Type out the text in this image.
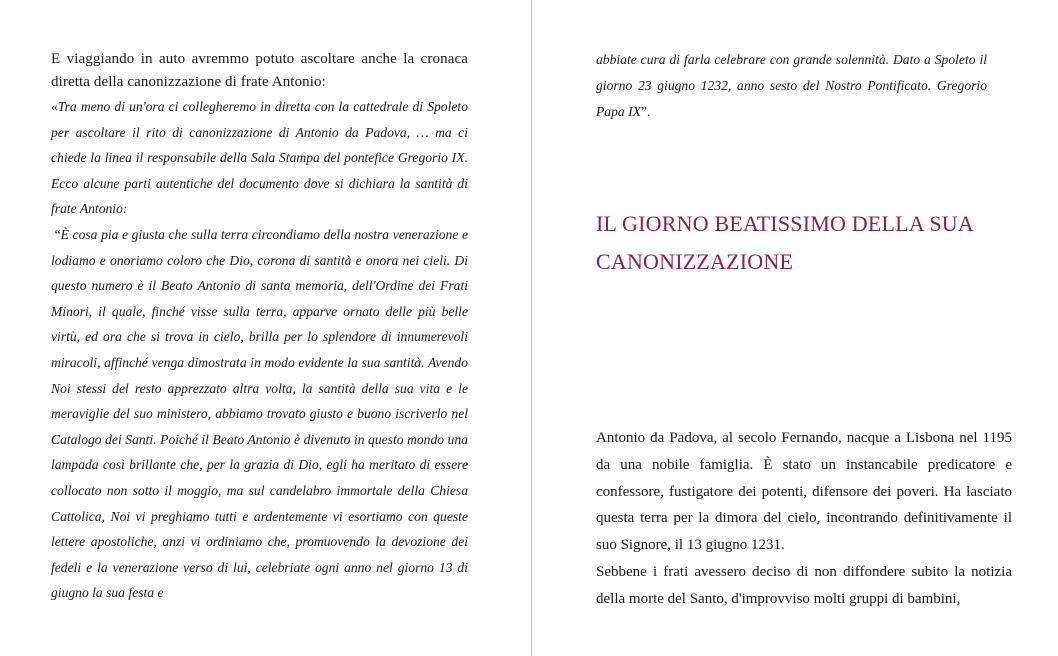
E viaggiando in auto avremmo potuto ascoltare anche la cronaca diretta della canonizzazione di frate Antonio:

«Tra meno di un'ora ci collegheremo in diretta con la cattedrale di Spoleto per ascoltare il rito di canonizzazione di Antonio da Padova, … ma ci chiede la linea il responsabile della Sala Stampa del pontefice Gregorio IX. Ecco alcune parti autentiche del documento dove si dichiara la santità di frate Antonio:

“È cosa pia e giusta che sulla terra circondiamo della nostra venerazione e lodiamo e onoriamo coloro che Dio, corona di santità e onora nei cieli. Di questo numero è il Beato Antonio di santa memoria, dell'Ordine dei Frati Minori, il quale, finché visse sulla terra, apparve ornato delle più belle virtù, ed ora che si trova in cielo, brilla per lo splendore di innumerevoli miracoli, affinché venga dimostrata in modo evidente la sua santità. Avendo Noi stessi del resto apprezzato altra volta, la santità della sua vita e le meraviglie del suo ministero, abbiamo trovato giusto e buono iscriverlo nel Catalogo dei Santi. Poiché il Beato Antonio è divenuto in questo mondo una lampada così brillante che, per la grazia di Dio, egli ha meritato di essere collocato non sotto il moggio, ma sul candelabro immortale della Chiesa Cattolica, Noi vi preghiamo tutti e ardentemente vi esortiamo con queste lettere apostoliche, anzi vi ordiniamo che, promuovendo la devozione dei fedeli e la venerazione verso di lui, celebriate ogni anno nel giorno 13 di giugno la sua festa e

abbiate cura di farla celebrare con grande solennità. Dato a Spoleto il giorno 23 giugno 1232, anno sesto del Nostro Pontificato. Gregorio Papa IX”.

IL GIORNO BEATISSIMO DELLA SUA CANONIZZAZIONE

Antonio da Padova, al secolo Fernando, nacque a Lisbona nel 1195 da una nobile famiglia. È stato un instancabile predicatore e confessore, fustigatore dei potenti, difensore dei poveri. Ha lasciato questa terra per la dimora del cielo, incontrando definitivamente il suo Signore, il 13 giugno 1231.

Sebbene i frati avessero deciso di non diffondere subito la notizia della morte del Santo, d'improvviso molti gruppi di bambini,
